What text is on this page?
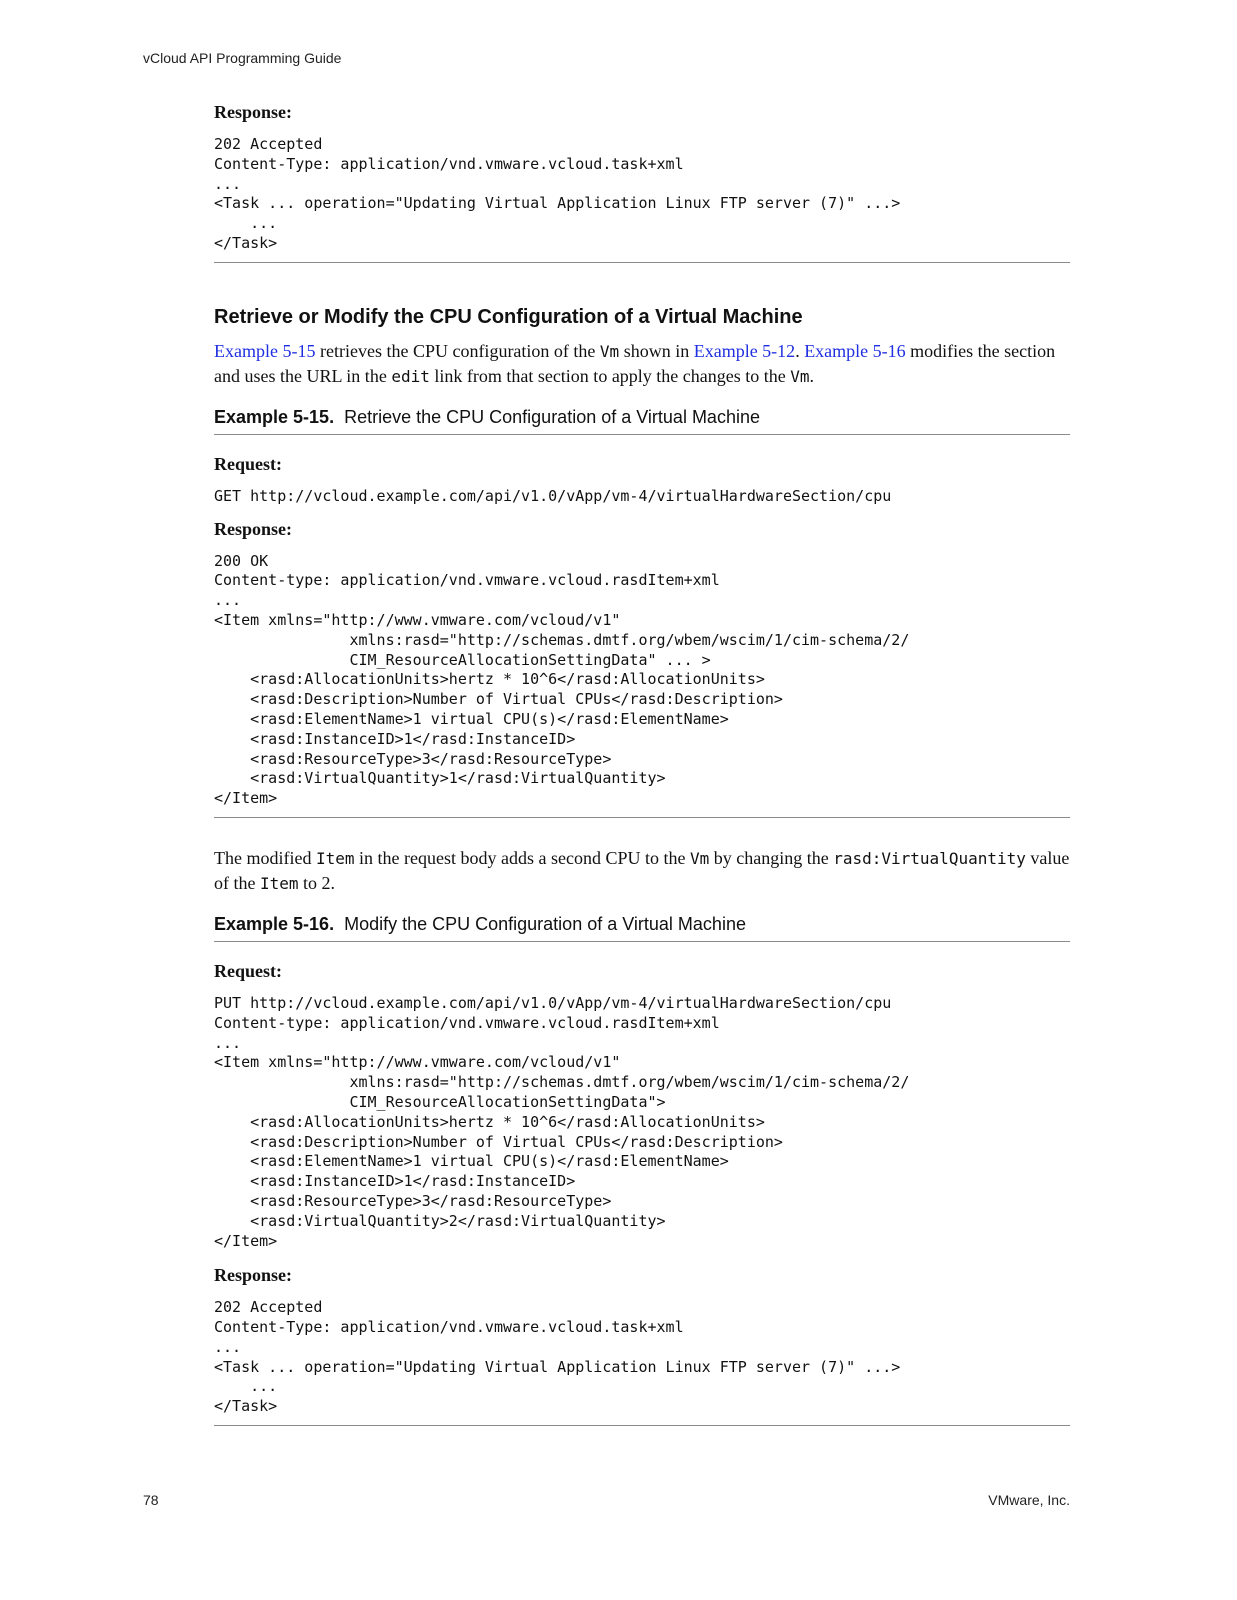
vCloud API Programming Guide
Response:
202 Accepted
Content-Type: application/vnd.vmware.vcloud.task+xml
...
<Task ... operation="Updating Virtual Application Linux FTP server (7)" ...>
...
</Task>
Retrieve or Modify the CPU Configuration of a Virtual Machine

Example 5-15 retrieves the CPU configuration of the Vm shown in Example 5-12. Example 5-16 modifies the section and uses the URL in the edit link from that section to apply the changes to the Vm.

Example 5-15. Retrieve the CPU Configuration of a Virtual Machine
Request:
GET http://vcloud.example.com/api/v1.0/vApp/vm-4/virtualHardwareSection/cpu
Response:
200 OK
Content-type: application/vnd.vmware.vcloud.rasdItem+xml
...
<Item xmlns="http://www.vmware.com/vcloud/v1"
xmlns:rasd="http://schemas.dmtf.org/wbem/wscim/1/cim-schema/2/
CIM_ResourceAllocationSettingData" ... >
<rasd:AllocationUnits>hertz * 10^6</rasd:AllocationUnits>
<rasd:Description>Number of Virtual CPUs</rasd:Description>
<rasd:ElementName>1 virtual CPU(s)</rasd:ElementName>
<rasd:InstanceID>1</rasd:InstanceID>
<rasd:ResourceType>3</rasd:ResourceType>
<rasd:VirtualQuantity>1</rasd:VirtualQuantity>
</Item>

The modified Item in the request body adds a second CPU to the Vm by changing the rasd:VirtualQuantity value of the Item to 2.

Example 5-16. Modify the CPU Configuration of a Virtual Machine
Request:
PUT http://vcloud.example.com/api/v1.0/vApp/vm-4/virtualHardwareSection/cpu
Content-type: application/vnd.vmware.vcloud.rasdItem+xml
...
<Item xmlns="http://www.vmware.com/vcloud/v1"
xmlns:rasd="http://schemas.dmtf.org/wbem/wscim/1/cim-schema/2/
CIM_ResourceAllocationSettingData">
<rasd:AllocationUnits>hertz * 10^6</rasd:AllocationUnits>
<rasd:Description>Number of Virtual CPUs</rasd:Description>
<rasd:ElementName>1 virtual CPU(s)</rasd:ElementName>
<rasd:InstanceID>1</rasd:InstanceID>
<rasd:ResourceType>3</rasd:ResourceType>
<rasd:VirtualQuantity>2</rasd:VirtualQuantity>
</Item>
Response:
202 Accepted
Content-Type: application/vnd.vmware.vcloud.task+xml
...
<Task ... operation="Updating Virtual Application Linux FTP server (7)" ...>
...
</Task>
78	VMware, Inc.
